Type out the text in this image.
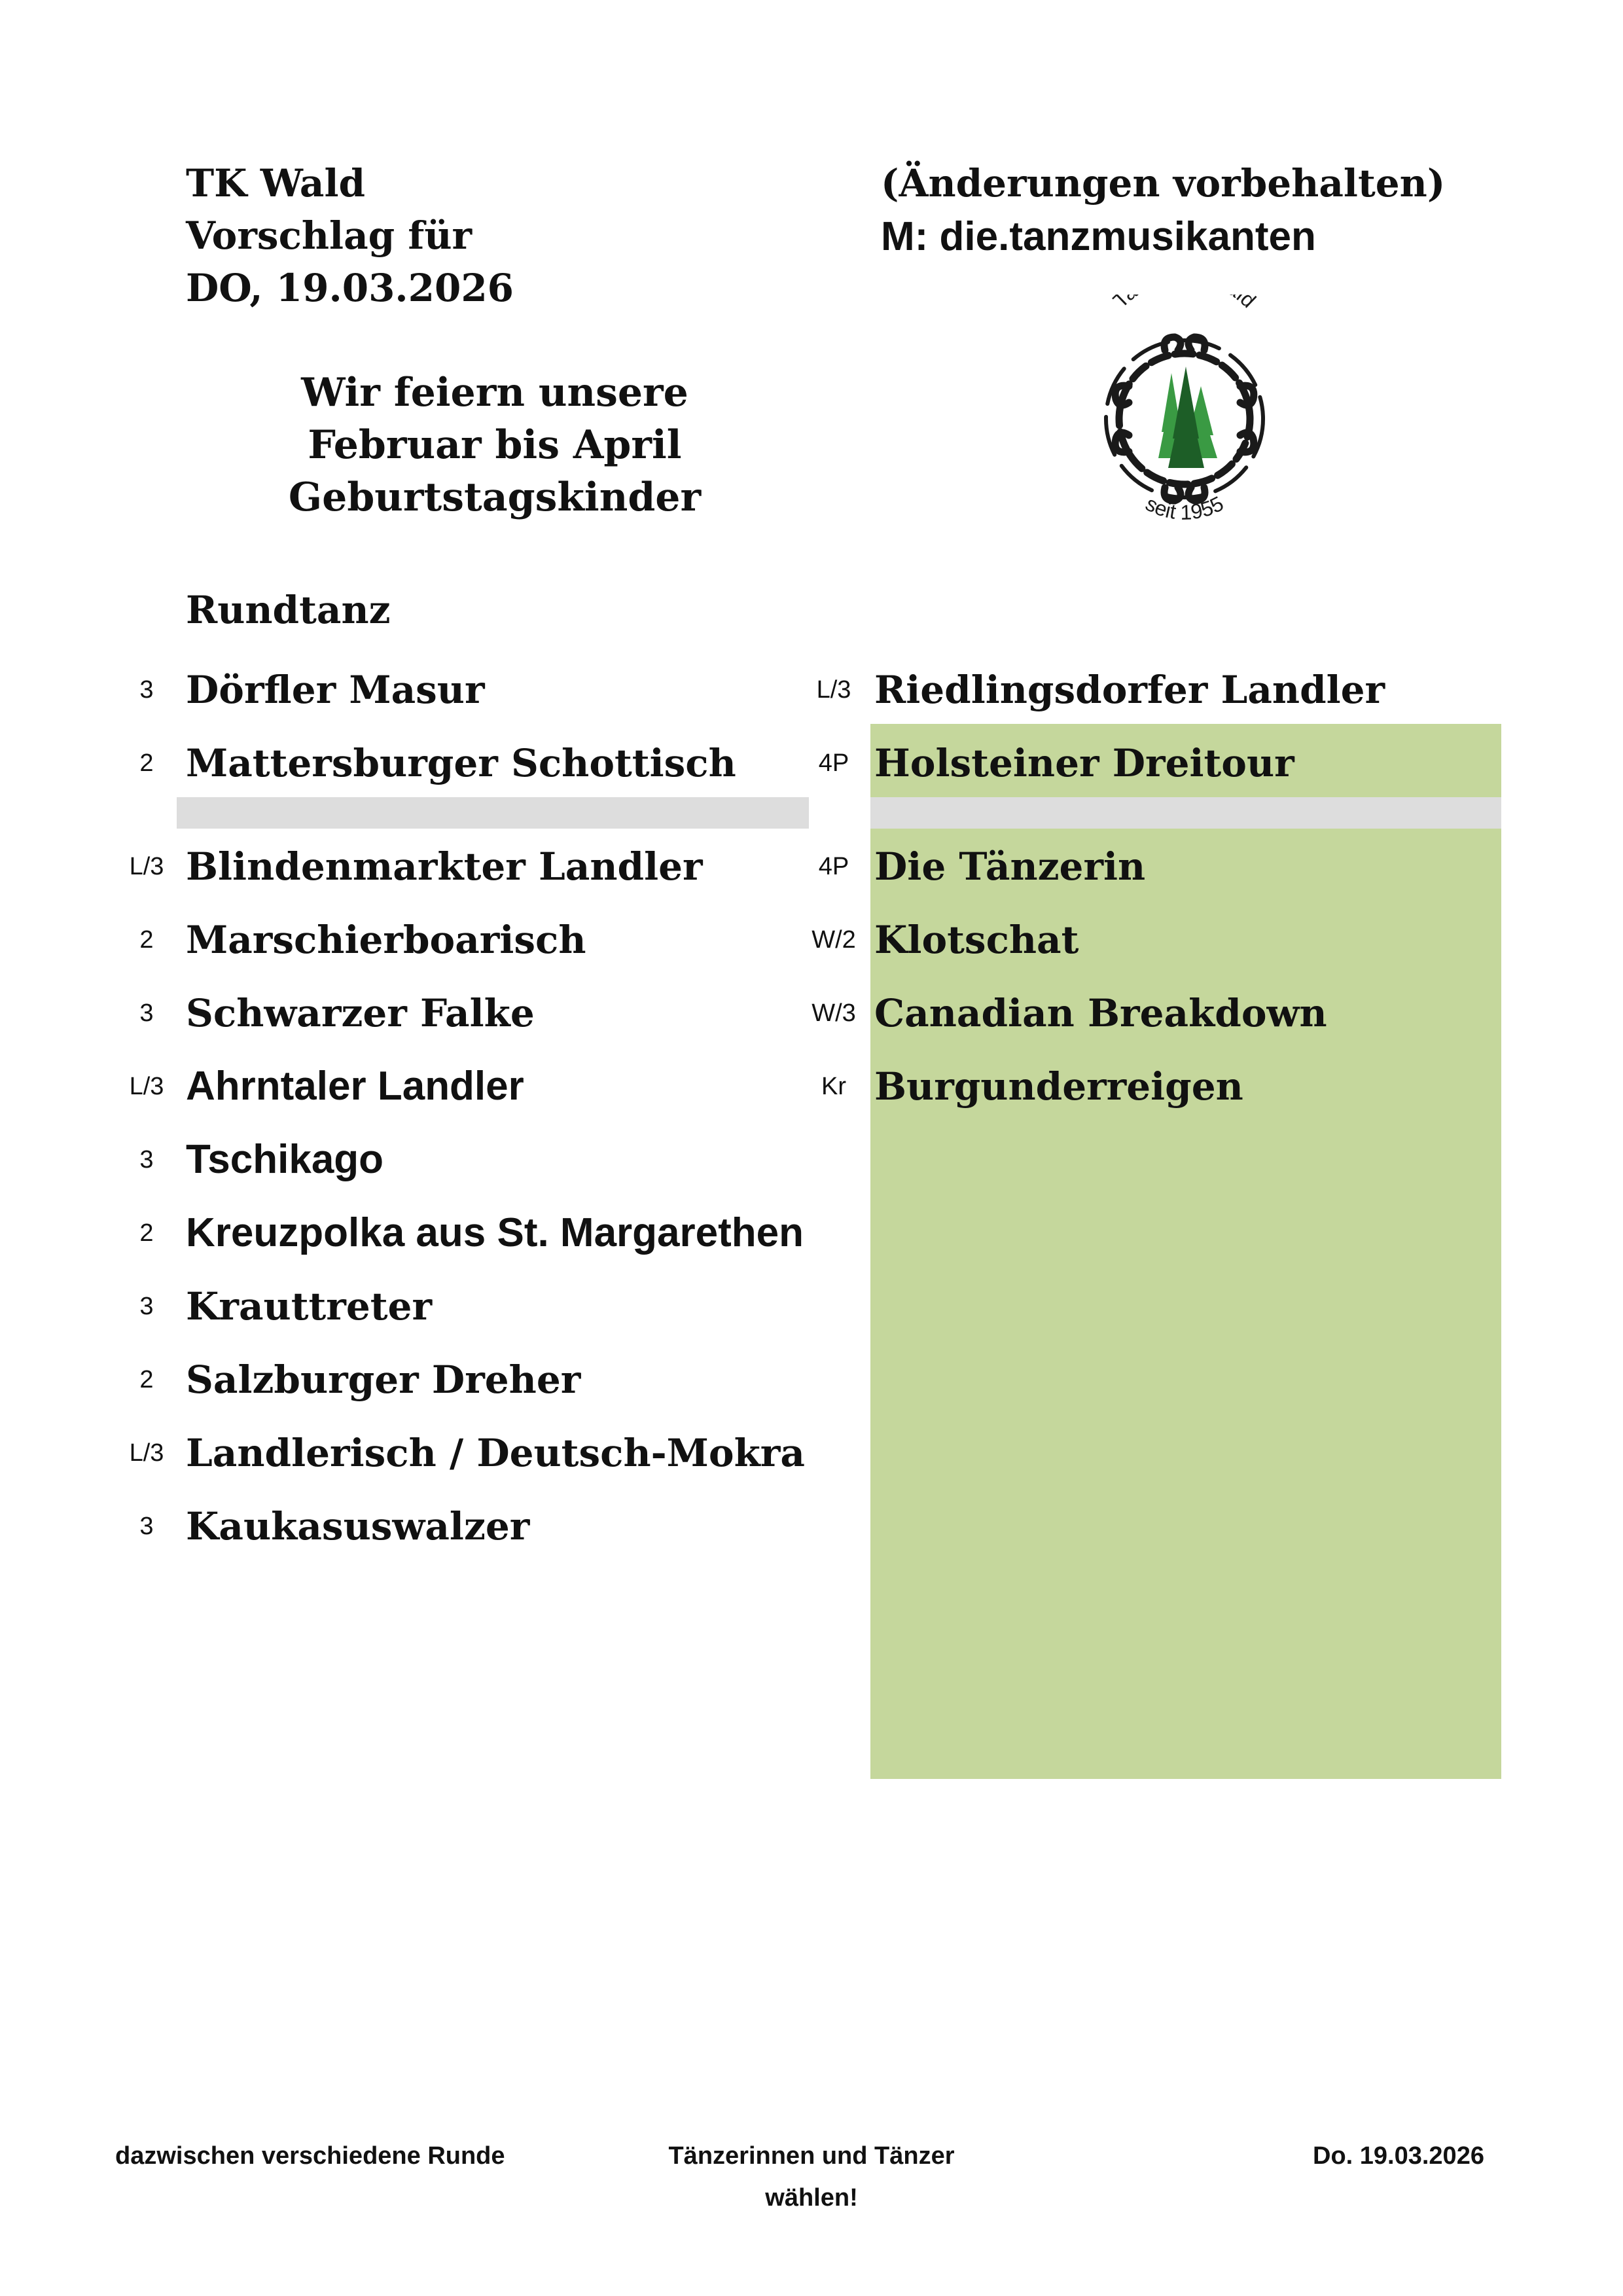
TK Wald
Vorschlag für
DO, 19.03.2026
(Änderungen vorbehalten)
M: die.tanzmusikanten
Wir feiern unsere
Februar bis April
Geburtstagskinder
T d
seit 1955
Rundtanz
3 Dörfler Masur
2 Mattersburger Schottisch
L/3 Blindenmarkter Landler
2 Marschierboarisch
3 Schwarzer Falke
L/3 Ahrntaler Landler
3 Tschikago
2 Kreuzpolka aus St. Margarethen
3 Krauttreter
2 Salzburger Dreher
L/3 Landlerisch / Deutsch-Mokra
3 Kaukasuswalzer
L/3 Riedlingsdorfer Landler
4P Holsteiner Dreitour
4P Die Tänzerin
W/2 Klotschat
W/3 Canadian Breakdown
Kr Burgunderreigen
dazwischen verschiedene Runde	Tänzerinnen und Tänzer
wählen!
Do. 19.03.2026
